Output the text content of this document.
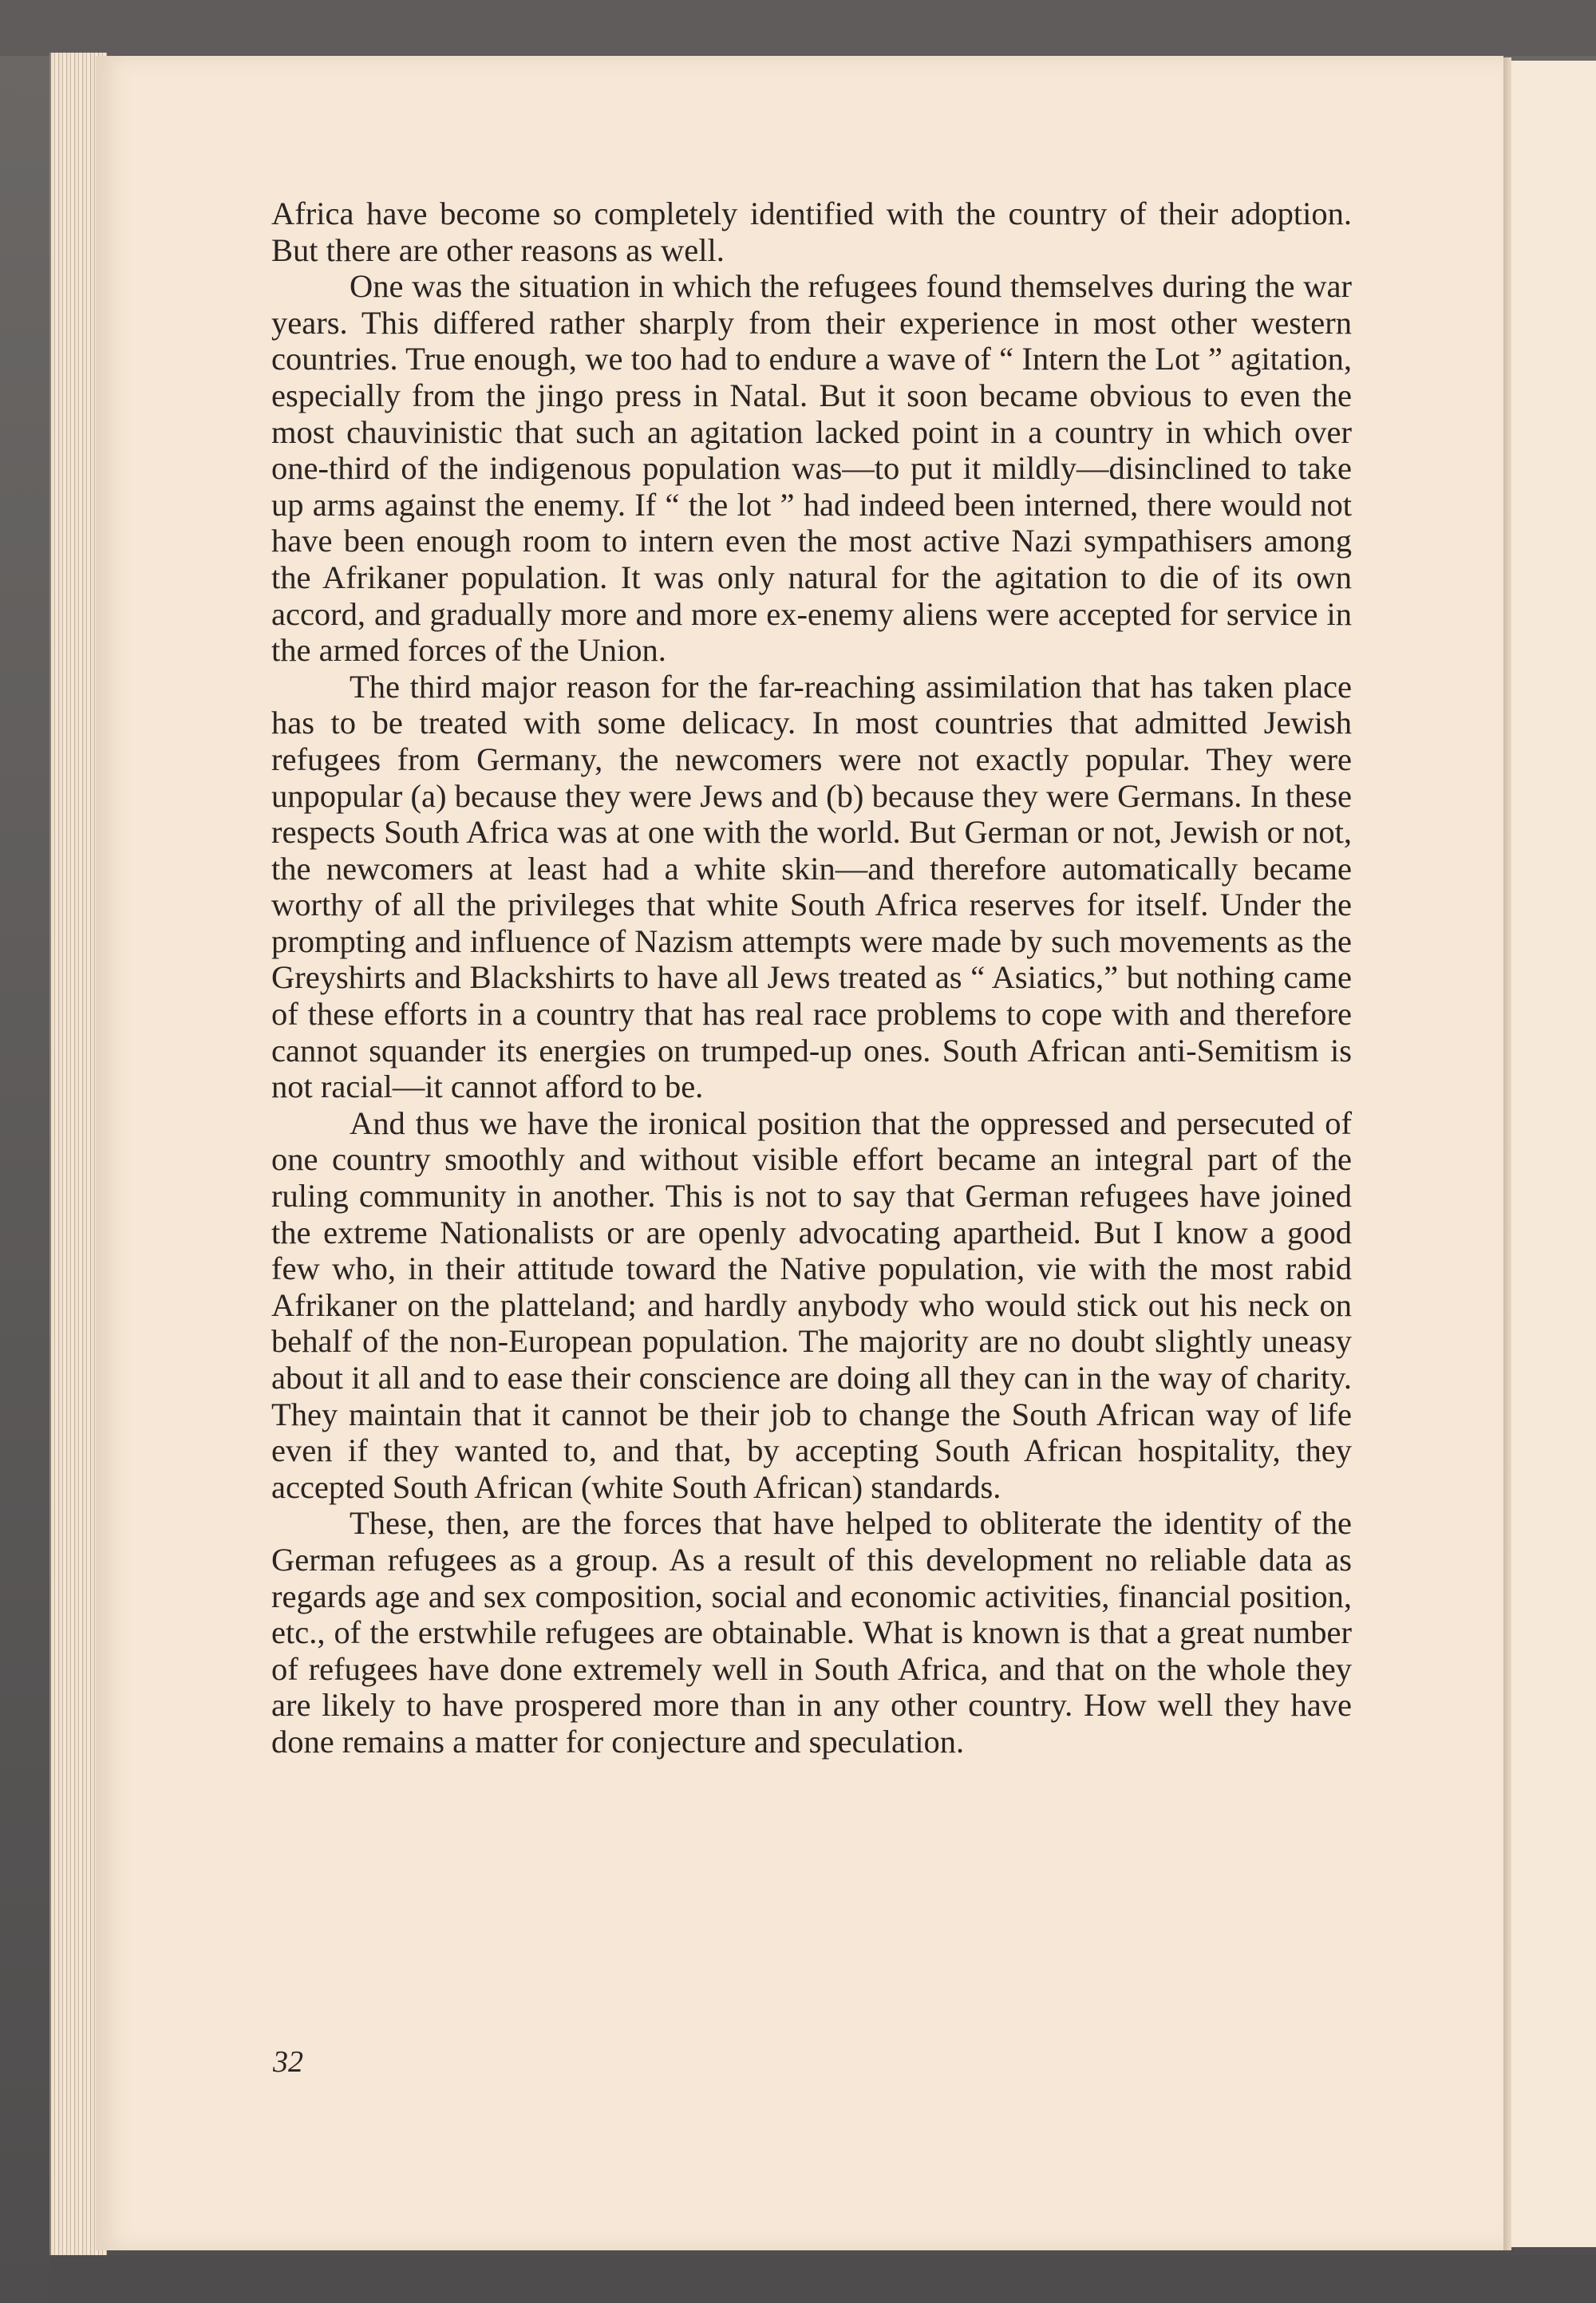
Africa have become so completely identified with the country of their adoption. But there are other reasons as well.

One was the situation in which the refugees found themselves during the war years. This differed rather sharply from their experience in most other western countries. True enough, we too had to endure a wave of “ Intern the Lot ” agitation, especially from the jingo press in Natal. But it soon became obvious to even the most chauvinistic that such an agitation lacked point in a country in which over one-third of the indigenous population was—to put it mildly—disinclined to take up arms against the enemy. If “ the lot ” had indeed been interned, there would not have been enough room to intern even the most active Nazi sympathisers among the Afrikaner population. It was only natural for the agitation to die of its own accord, and gradually more and more ex-enemy aliens were accepted for service in the armed forces of the Union.

The third major reason for the far-reaching assimilation that has taken place has to be treated with some delicacy. In most countries that admitted Jewish refugees from Germany, the newcomers were not exactly popular. They were unpopular (a) because they were Jews and (b) because they were Germans. In these respects South Africa was at one with the world. But German or not, Jewish or not, the newcomers at least had a white skin—and therefore automatically became worthy of all the privileges that white South Africa reserves for itself. Under the prompting and influence of Nazism attempts were made by such movements as the Greyshirts and Blackshirts to have all Jews treated as “ Asiatics,” but nothing came of these efforts in a country that has real race problems to cope with and therefore cannot squander its energies on trumped-up ones. South African anti-Semitism is not racial—it cannot afford to be.

And thus we have the ironical position that the oppressed and persecuted of one country smoothly and without visible effort became an integral part of the ruling community in another. This is not to say that German refugees have joined the extreme Nationalists or are openly advocating apartheid. But I know a good few who, in their attitude toward the Native population, vie with the most rabid Afrikaner on the platteland; and hardly anybody who would stick out his neck on behalf of the non-European population. The majority are no doubt slightly uneasy about it all and to ease their conscience are doing all they can in the way of charity. They maintain that it cannot be their job to change the South African way of life even if they wanted to, and that, by accepting South African hospitality, they accepted South African (white South African) standards.

These, then, are the forces that have helped to obliterate the identity of the German refugees as a group. As a result of this development no reliable data as regards age and sex composition, social and economic activities, financial position, etc., of the erstwhile refugees are obtainable. What is known is that a great number of refugees have done extremely well in South Africa, and that on the whole they are likely to have prospered more than in any other country. How well they have done remains a matter for conjecture and speculation.

32
